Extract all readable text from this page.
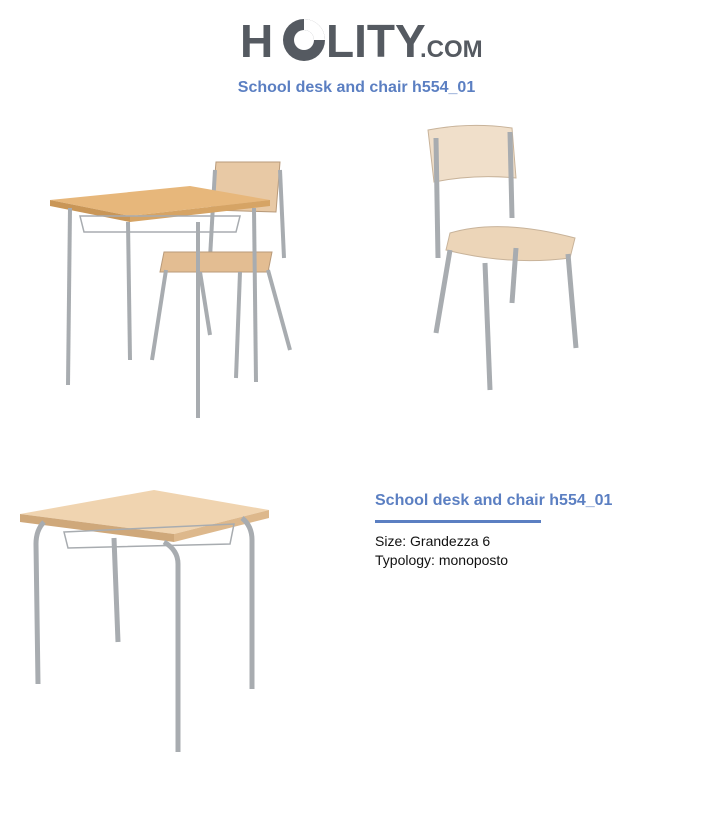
H LITY
.COM
School desk and chair h554_01
School desk and chair h554_01
Size: Grandezza 6
Typology: monoposto
